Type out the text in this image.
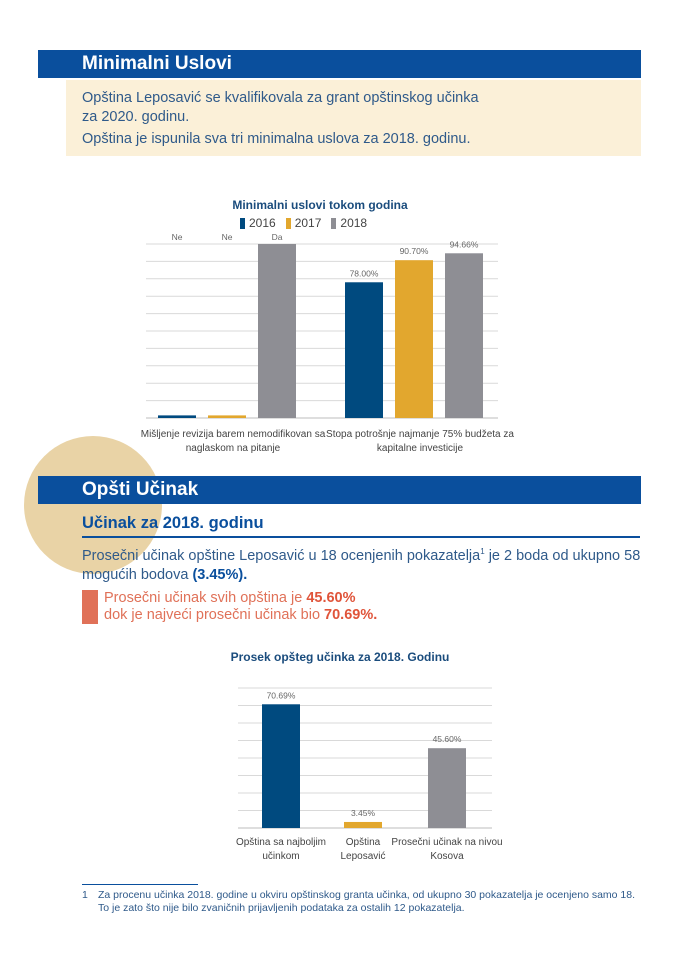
Minimalni Uslovi

Opština Leposavić se kvalifikovala za grant opštinskog učinka
za 2020. godinu.

Opština je ispunila sva tri minimalna uslova za 2018. godinu.

Minimalni uslovi tokom godina
2016 2017 2018
Ne
78.00%
Ne
90.70%
Da
94.66%
Mišljenje revizija barem nemodifikovan sa
naglaskom na pitanje
Stopa potrošnje najmanje 75% budžeta za
kapitalne investicije
Opšti Učinak
Učinak za 2018. godinu
Prosečni učinak opštine Leposavić u 18 ocenjenih pokazatelja$^1$ je 2 boda od ukupno 58 mogućih bodova (3.45%).
Prosečni učinak svih opština je 45.60%
dok je najveći prosečni učinak bio 70.69%.
Prosek opšteg učinka za 2018. Godinu
70.69%
Opština sa najboljim
učinkom
3.45%
Opština
Leposavić
45.60%
Prosečni učinak na nivou
Kosova
1 Za procenu učinka 2018. godine u okviru opštinskog granta učinka, od ukupno 30 pokazatelja je ocenjeno samo 18. To je zato što nije bilo zvaničnih prijavljenih podataka za ostalih 12 pokazatelja.
